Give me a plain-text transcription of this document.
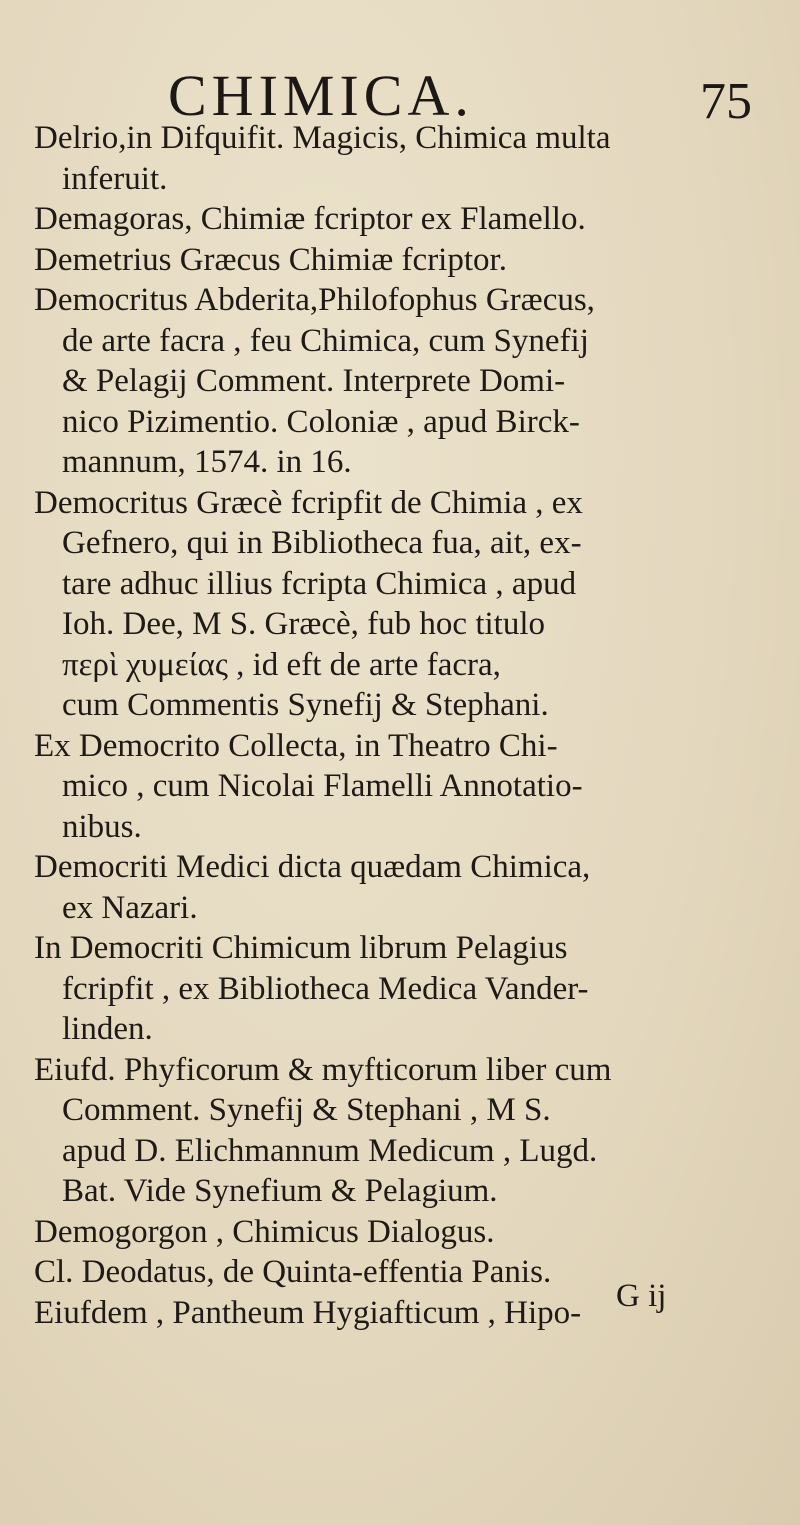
CHIMICA.	75
Delrio,in Difquifit. Magicis, Chimica multa
inferuit.
Demagoras, Chimiæ fcriptor ex Flamello.
Demetrius Græcus Chimiæ fcriptor.
Democritus Abderita,Philofophus Græcus,
de arte facra , feu Chimica, cum Synefij
& Pelagij Comment. Interprete Domi-
nico Pizimentio. Coloniæ , apud Birck-
mannum, 1574. in 16.
Democritus Græcè fcripfit de Chimia , ex
Gefnero, qui in Bibliotheca fua, ait, ex-
tare adhuc illius fcripta Chimica , apud
Ioh. Dee, M S. Græcè, fub hoc titulo
περὶ χυμείας , id eft de arte facra,
cum Commentis Synefij & Stephani.
Ex Democrito Collecta, in Theatro Chi-
mico , cum Nicolai Flamelli Annotatio-
nibus.
Democriti Medici dicta quædam Chimica,
ex Nazari.
In Democriti Chimicum librum Pelagius
fcripfit , ex Bibliotheca Medica Vander-
linden.
Eiufd. Phyficorum & myfticorum liber cum
Comment. Synefij & Stephani , M S.
apud D. Elichmannum Medicum , Lugd.
Bat. Vide Synefium & Pelagium.
Demogorgon , Chimicus Dialogus.
Cl. Deodatus, de Quinta-effentia Panis.
Eiufdem , Pantheum Hygiafticum , Hipo-	G ij
